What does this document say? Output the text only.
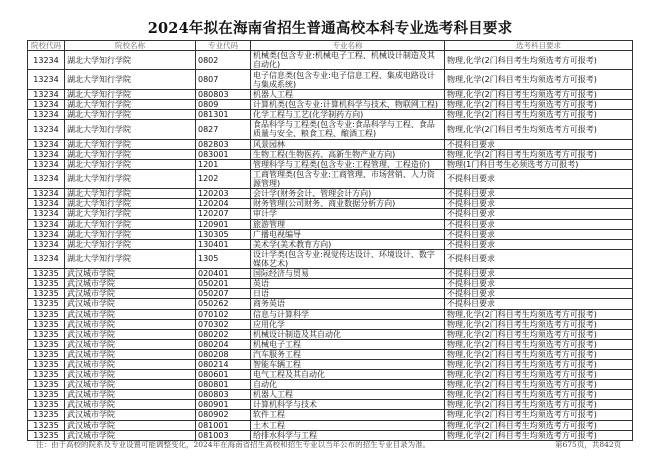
2024年拟在海南省招生普通高校本科专业选考科目要求
院校代码	院校名称	专业代码	专业名称	选考科目要求
13234	湖北大学知行学院	0802	机械类(包含专业:机械电子工程、机械设计制造及其自动化)	物理,化学(2门科目考生均须选考方可报考)
13234	湖北大学知行学院	0807	电子信息类(包含专业:电子信息工程、集成电路设计与集成系统)	物理,化学(2门科目考生均须选考方可报考)
13234	湖北大学知行学院	080803	机器人工程	物理,化学(2门科目考生均须选考方可报考)
13234	湖北大学知行学院	0809	计算机类(包含专业:计算机科学与技术、物联网工程)	物理,化学(2门科目考生均须选考方可报考)
13234	湖北大学知行学院	081301	化学工程与工艺(化学制药方向)	物理,化学(2门科目考生均须选考方可报考)
13234	湖北大学知行学院	0827	食品科学与工程类(包含专业:食品科学与工程、食品质量与安全、粮食工程、酿酒工程)	物理,化学(2门科目考生均须选考方可报考)
13234	湖北大学知行学院	082803	风景园林	不提科目要求
13234	湖北大学知行学院	083001	生物工程(生物医药、高新生物产业方向)	物理,化学(2门科目考生均须选考方可报考)
13234	湖北大学知行学院	1201	管理科学与工程类(包含专业:工程管理、工程造价)	物理(1门科目考生必须选考方可报考)
13234	湖北大学知行学院	1202	工商管理类(包含专业:工商管理、市场营销、人力资源管理)	不提科目要求
13234	湖北大学知行学院	120203	会计学(财务会计、管理会计方向)	不提科目要求
13234	湖北大学知行学院	120204	财务管理(公司财务、商业数据分析方向)	不提科目要求
13234	湖北大学知行学院	120207	审计学	不提科目要求
13234	湖北大学知行学院	120901	旅游管理	不提科目要求
13234	湖北大学知行学院	130305	广播电视编导	不提科目要求
13234	湖北大学知行学院	130401	美术学(美术教育方向)	不提科目要求
13234	湖北大学知行学院	1305	设计学类(包含专业:视觉传达设计、环境设计、数字媒体艺术)	不提科目要求
13235	武汉城市学院	020401	国际经济与贸易	不提科目要求
13235	武汉城市学院	050201	英语	不提科目要求
13235	武汉城市学院	050207	日语	不提科目要求
13235	武汉城市学院	050262	商务英语	不提科目要求
13235	武汉城市学院	070102	信息与计算科学	物理,化学(2门科目考生均须选考方可报考)
13235	武汉城市学院	070302	应用化学	物理,化学(2门科目考生均须选考方可报考)
13235	武汉城市学院	080202	机械设计制造及其自动化	物理,化学(2门科目考生均须选考方可报考)
13235	武汉城市学院	080204	机械电子工程	物理,化学(2门科目考生均须选考方可报考)
13235	武汉城市学院	080208	汽车服务工程	物理,化学(2门科目考生均须选考方可报考)
13235	武汉城市学院	080214	智能车辆工程	物理,化学(2门科目考生均须选考方可报考)
13235	武汉城市学院	080601	电气工程及其自动化	物理,化学(2门科目考生均须选考方可报考)
13235	武汉城市学院	080801	自动化	物理,化学(2门科目考生均须选考方可报考)
13235	武汉城市学院	080803	机器人工程	物理,化学(2门科目考生均须选考方可报考)
13235	武汉城市学院	080901	计算机科学与技术	物理,化学(2门科目考生均须选考方可报考)
13235	武汉城市学院	080902	软件工程	物理,化学(2门科目考生均须选考方可报考)
13235	武汉城市学院	081001	土木工程	物理,化学(2门科目考生均须选考方可报考)
13235	武汉城市学院	081003	给排水科学与工程	物理,化学(2门科目考生均须选考方可报考)
注：由于高校的院系及专业设置可能调整变化，2024年在海南省招生高校和招生专业以当年公布的招生专业目录为准。	第675页，共842页
